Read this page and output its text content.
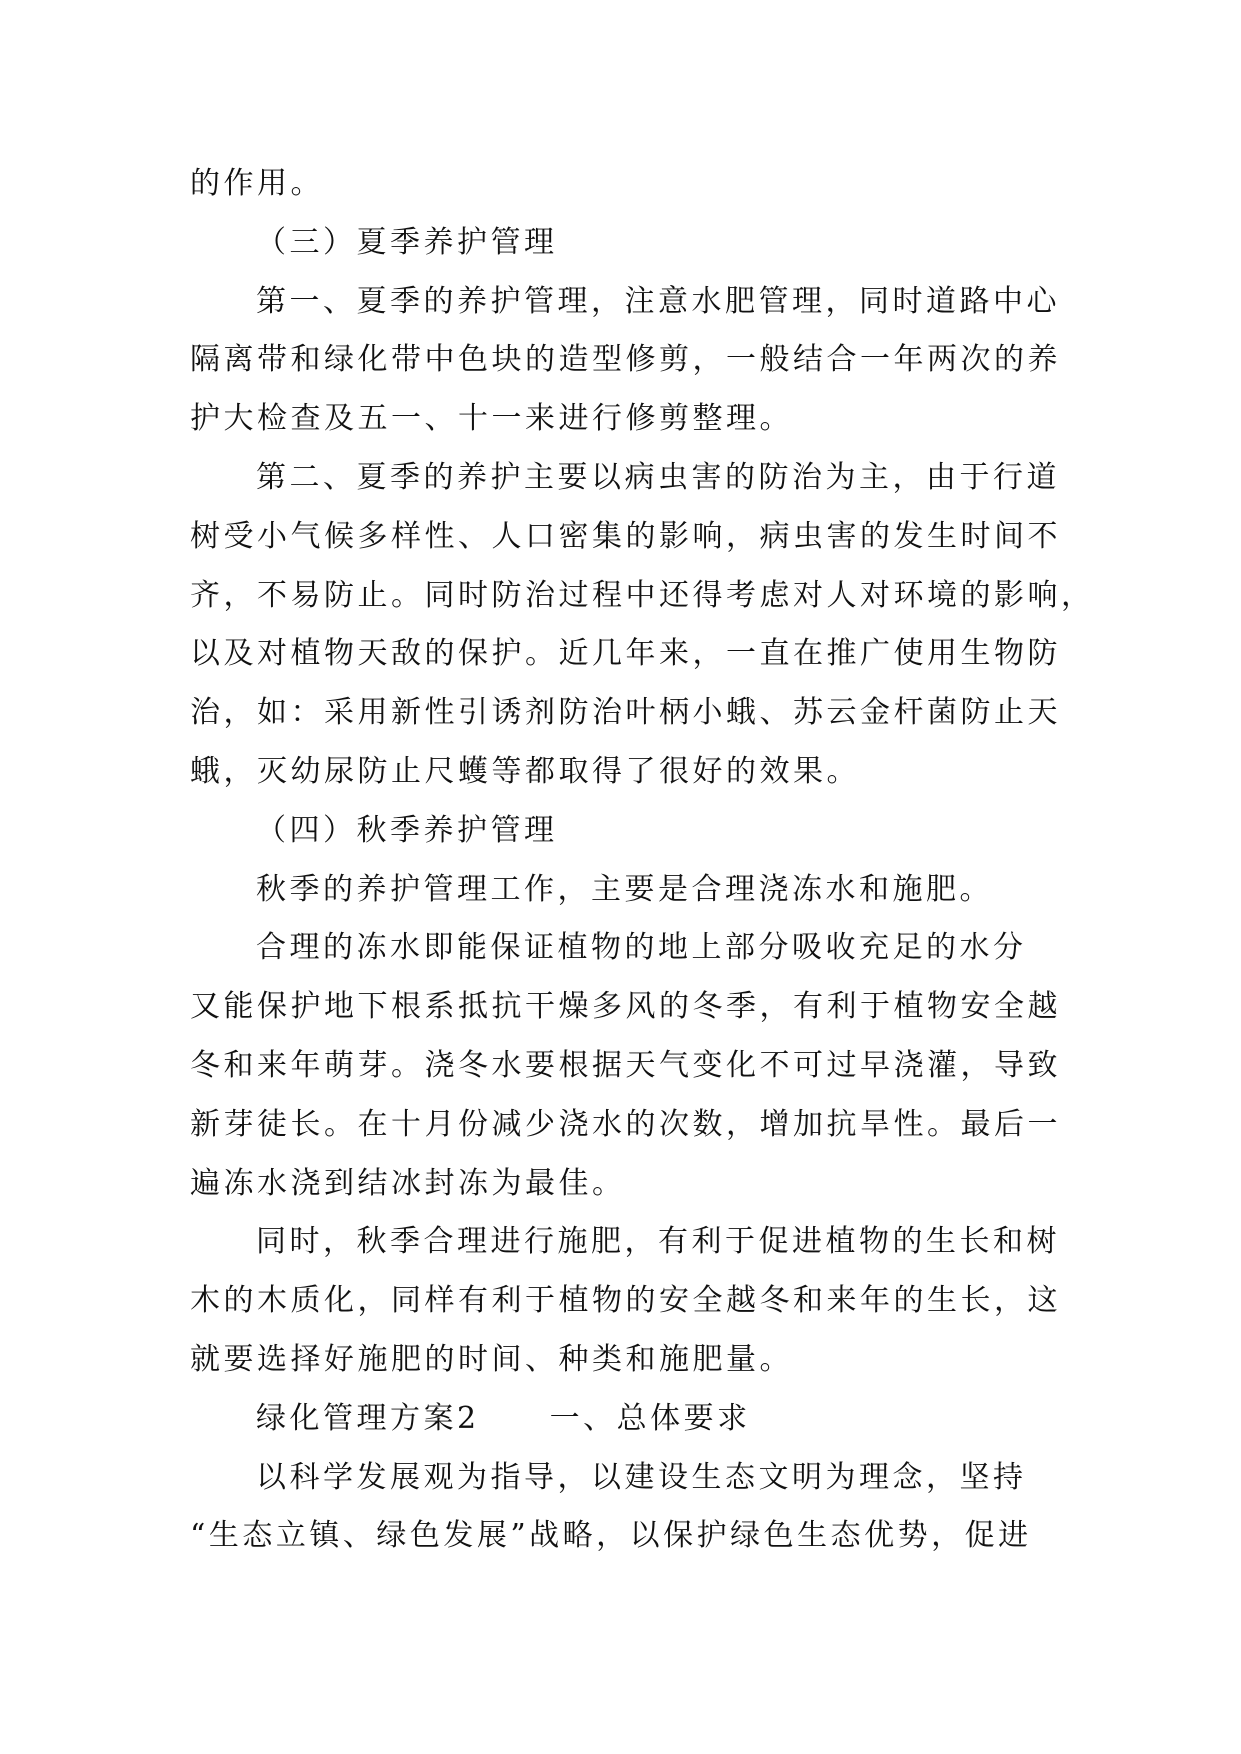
的作用。
（三）夏季养护管理
第一、夏季的养护管理，注意水肥管理，同时道路中心
隔离带和绿化带中色块的造型修剪，一般结合一年两次的养
护大检查及五一、十一来进行修剪整理。
第二、夏季的养护主要以病虫害的防治为主，由于行道
树受小气候多样性、人口密集的影响，病虫害的发生时间不
齐，不易防止。同时防治过程中还得考虑对人对环境的影响，
以及对植物天敌的保护。近几年来，一直在推广使用生物防
治，如：采用新性引诱剂防治叶柄小蛾、苏云金杆菌防止天
蛾，灭幼尿防止尺蠖等都取得了很好的效果。
（四）秋季养护管理
秋季的养护管理工作，主要是合理浇冻水和施肥。
合理的冻水即能保证植物的地上部分吸收充足的水分
又能保护地下根系抵抗干燥多风的冬季，有利于植物安全越
冬和来年萌芽。浇冬水要根据天气变化不可过早浇灌，导致
新芽徒长。在十月份减少浇水的次数，增加抗旱性。最后一
遍冻水浇到结冰封冻为最佳。
同时，秋季合理进行施肥，有利于促进植物的生长和树
木的木质化，同样有利于植物的安全越冬和来年的生长，这
就要选择好施肥的时间、种类和施肥量。
绿化管理方案2 一、总体要求
以科学发展观为指导，以建设生态文明为理念，坚持
“生态立镇、绿色发展”战略，以保护绿色生态优势，促进
